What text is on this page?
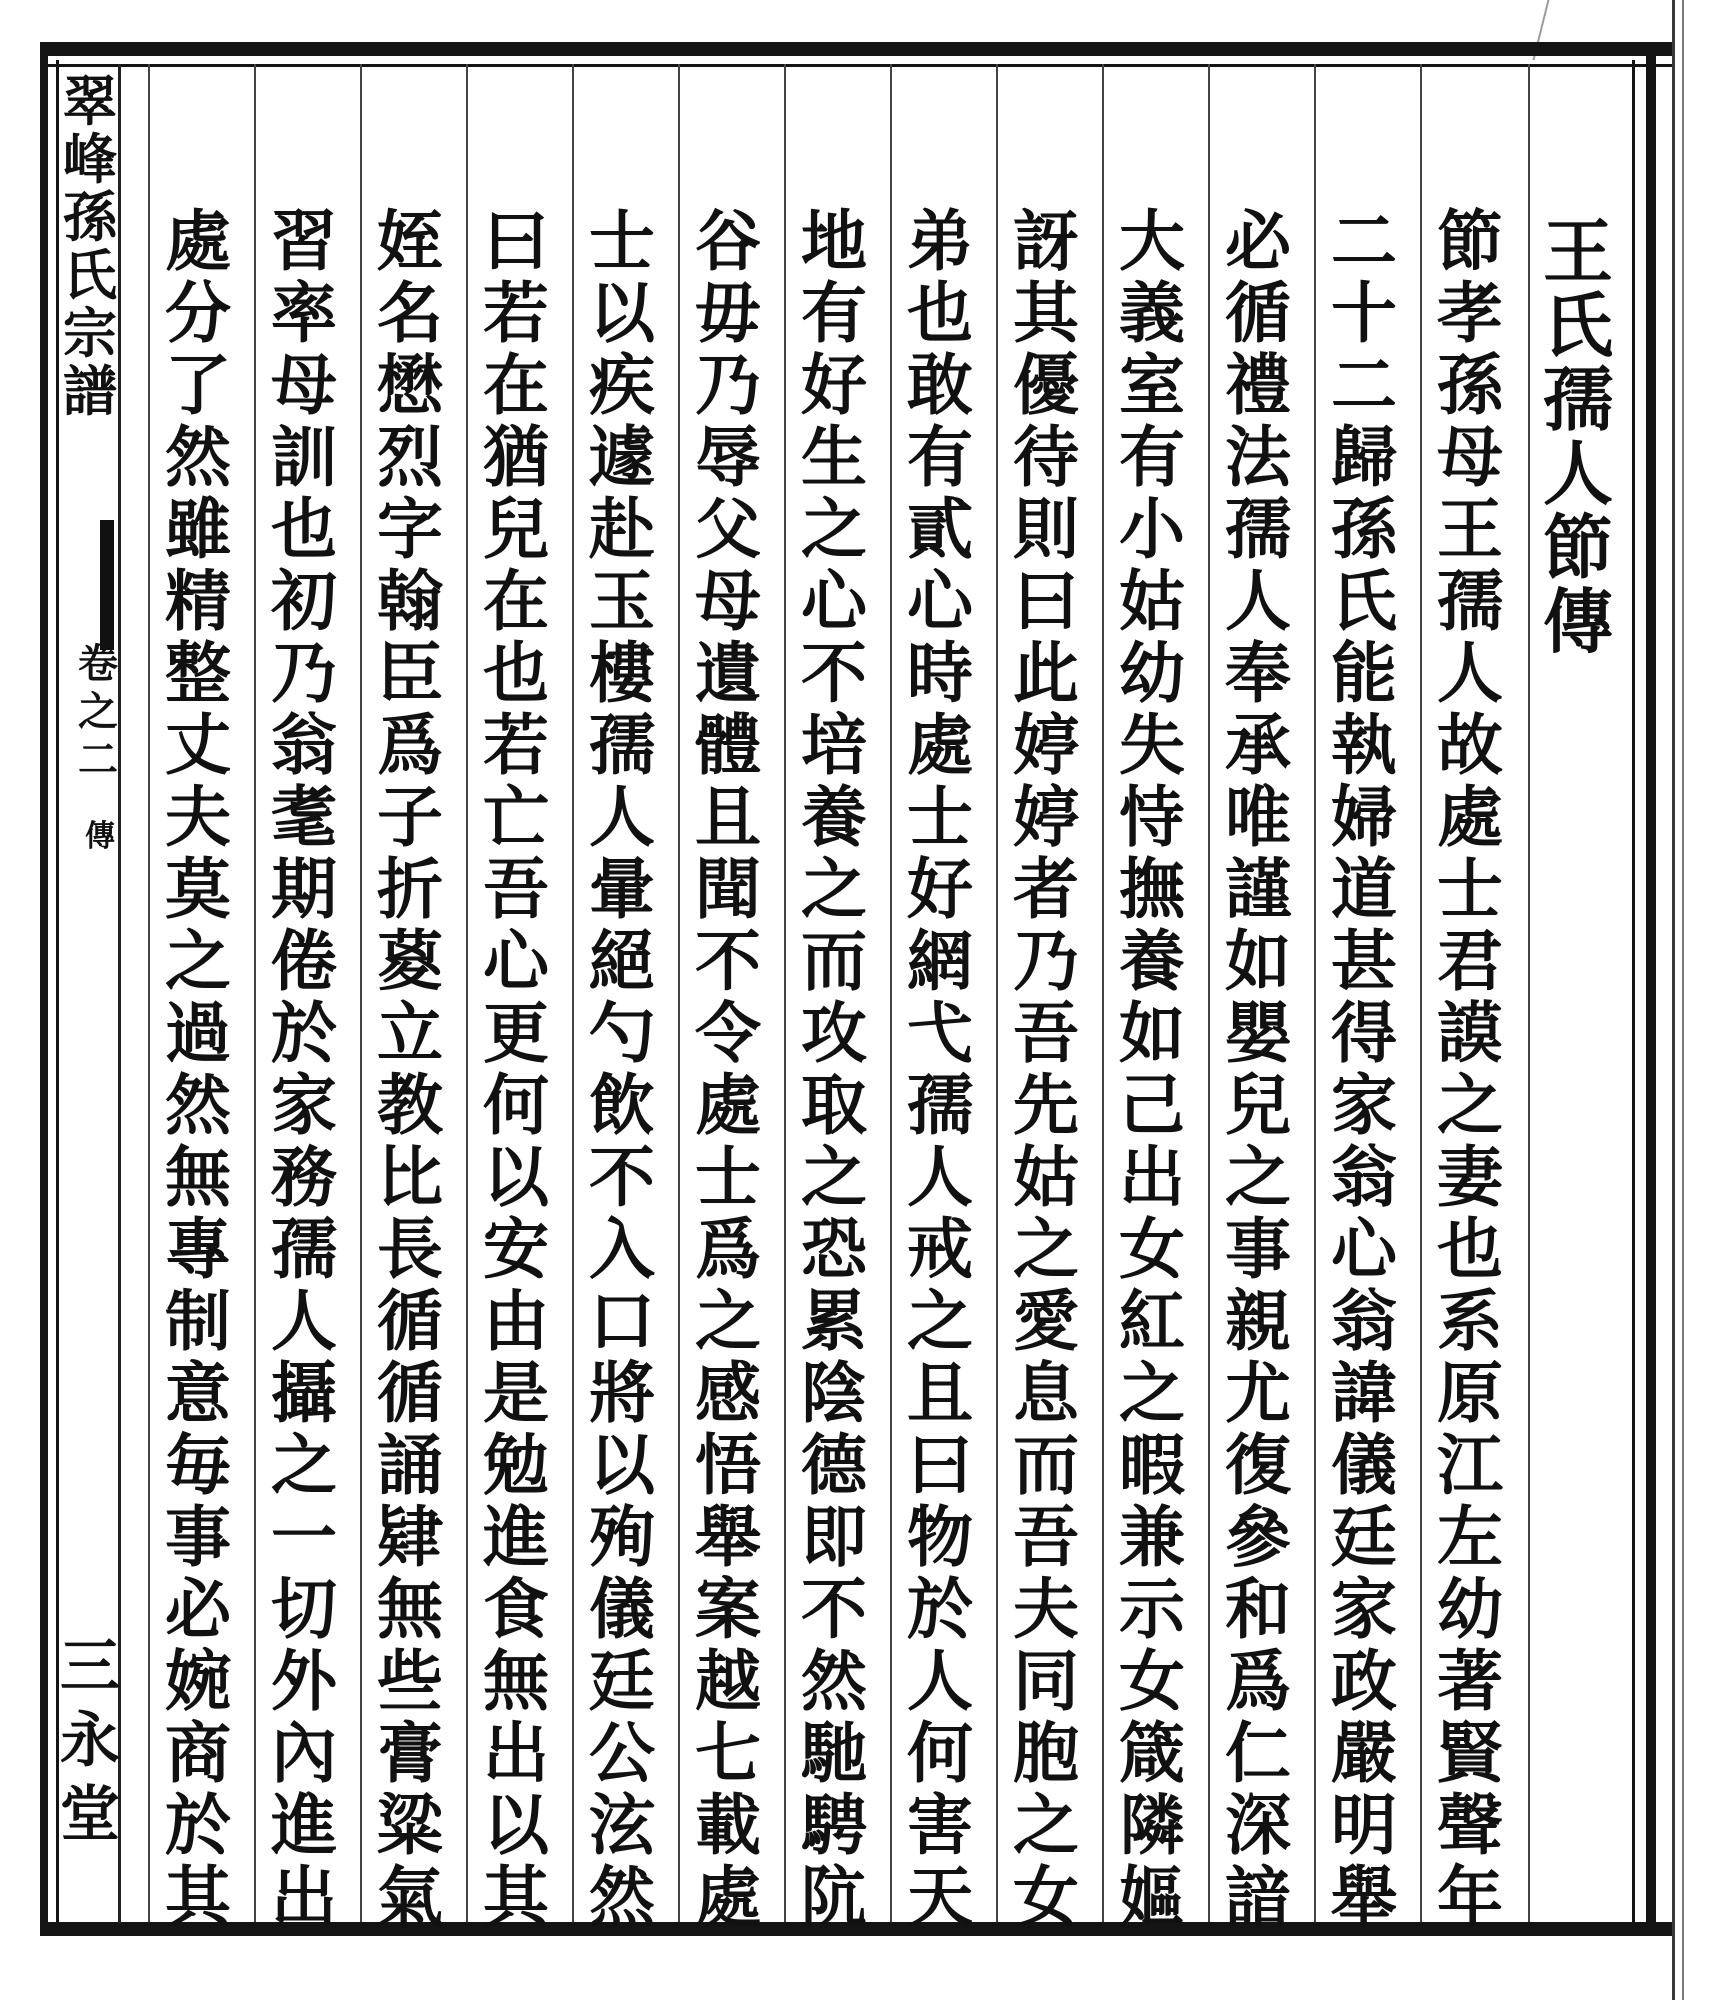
翠
峰
孫
氏
宗
譜
卷
之
二
傳
三
永
堂
王
氏
孺
人
節
傳
節
孝
孫
母
王
孺
人
故
處
士
君
謨
之
妻
也
系
原
江
左
幼
著
賢
聲
年
二
十
二
歸
孫
氏
能
執
婦
道
甚
得
家
翁
心
翁
諱
儀
廷
家
政
嚴
明
舉
必
循
禮
法
孺
人
奉
承
唯
謹
如
嬰
兒
之
事
親
尤
復
參
和
爲
仁
深
諳
大
義
室
有
小
姑
幼
失
恃
撫
養
如
己
出
女
紅
之
暇
兼
示
女
箴
隣
嫗
訝
其
優
待
則
曰
此
婷
婷
者
乃
吾
先
姑
之
愛
息
而
吾
夫
同
胞
之
女
弟
也
敢
有
貳
心
時
處
士
好
網
弋
孺
人
戒
之
且
曰
物
於
人
何
害
天
地
有
好
生
之
心
不
培
養
之
而
攻
取
之
恐
累
陰
德
即
不
然
馳
騁
阬
谷
毋
乃
辱
父
母
遺
體
且
聞
不
令
處
士
爲
之
感
悟
舉
案
越
七
載
處
士
以
疾
遽
赴
玉
樓
孺
人
暈
絕
勺
飲
不
入
口
將
以
殉
儀
廷
公
泫
然
曰
若
在
猶
兒
在
也
若
亡
吾
心
更
何
以
安
由
是
勉
進
食
無
出
以
其
姪
名
懋
烈
字
翰
臣
爲
子
折
葼
立
教
比
長
循
循
誦
肄
無
些
膏
粱
氣
習
率
母
訓
也
初
乃
翁
耄
期
倦
於
家
務
孺
人
攝
之
一
切
外
內
進
出
處
分
了
然
雖
精
整
丈
夫
莫
之
過
然
無
專
制
意
毎
事
必
婉
商
於
其
